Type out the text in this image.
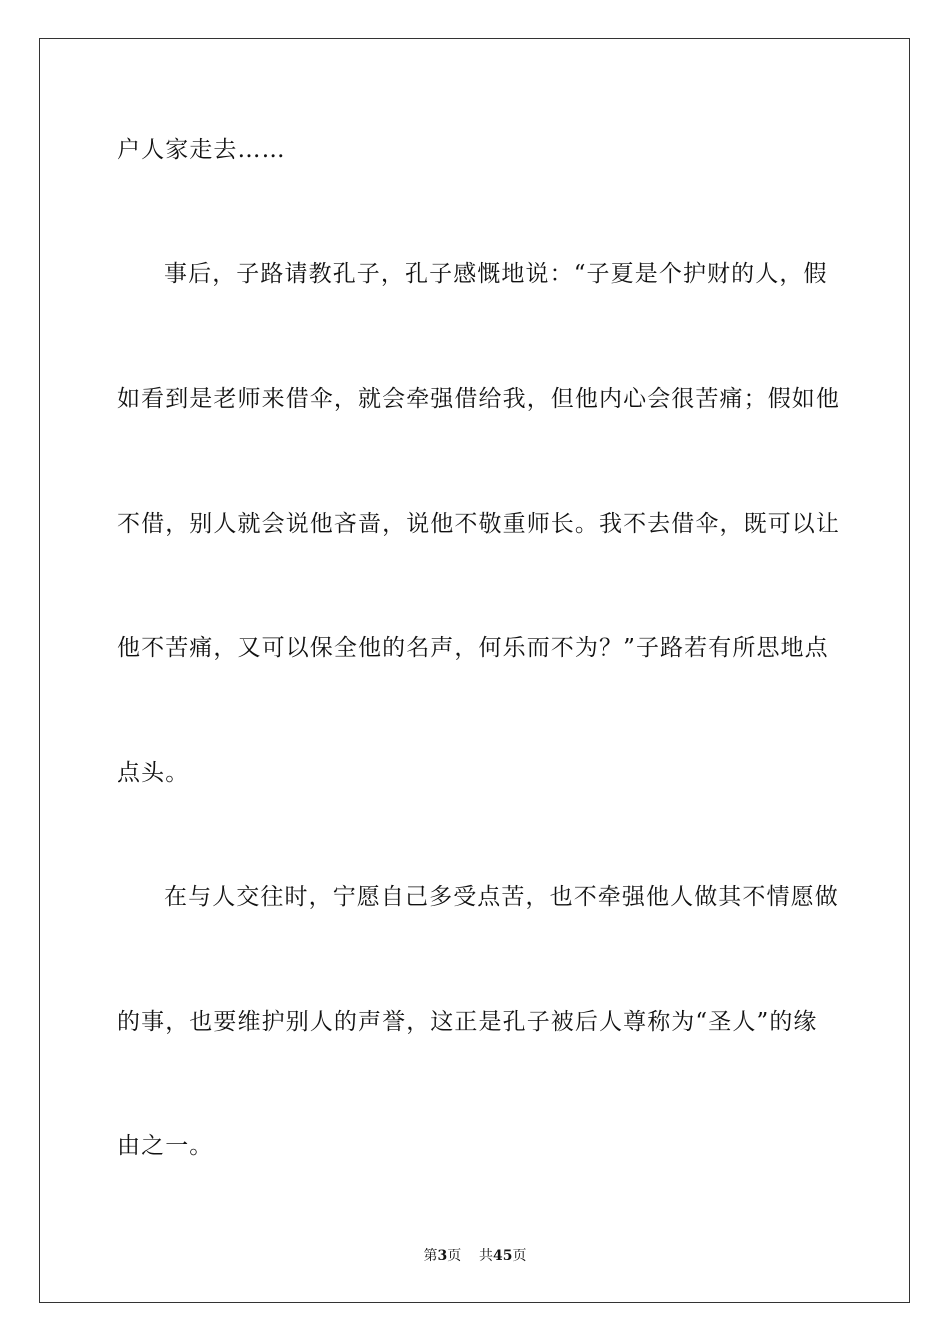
户人家走去……
事后，子路请教孔子，孔子感慨地说：“子夏是个护财的人，假
如看到是老师来借伞，就会牵强借给我，但他内心会很苦痛；假如他
不借，别人就会说他吝啬，说他不敬重师长。我不去借伞，既可以让
他不苦痛，又可以保全他的名声，何乐而不为？”子路若有所思地点
点头。
在与人交往时，宁愿自己多受点苦，也不牵强他人做其不情愿做
的事，也要维护别人的声誉，这正是孔子被后人尊称为“圣人”的缘
由之一。
第3页 共45页
